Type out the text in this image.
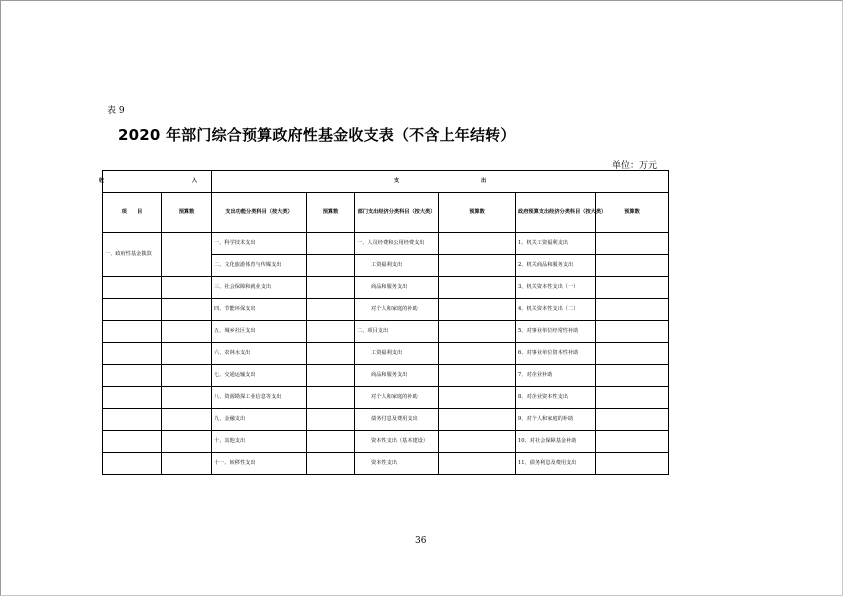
表 9
2020 年部门综合预算政府性基金收支表（不含上年结转）
单位：万元
收 入		支 出					
项　　目	预算数	支出功能分类科目（按大类）	预算数	部门支出经济分类科目（按大类）	预算数	政府预算支出经济分类科目（按大类）	预算数
一、政府性基金拨款		一、科学技术支出		一、人员经费和公用经费支出		1、机关工资福利支出	
		二、文化旅游体育与传媒支出		工资福利支出		2、机关商品和服务支出	
		三、社会保障和就业支出		商品和服务支出		3、机关资本性支出（一）	
		四、节能环保支出		对个人和家庭的补助		4、机关资本性支出（二）	
		五、城乡社区支出		二、项目支出		5、对事业单位经常性补助	
		六、农林水支出		工资福利支出		6、对事业单位资本性补助	
		七、交通运输支出		商品和服务支出		7、对企业补助	
		八、资源勘探工业信息等支出		对个人和家庭的补助		8、对企业资本性支出	
		九、金融支出		债务付息及费用支出		9、对个人和家庭的补助	
		十、其他支出		资本性支出（基本建设）		10、对社会保障基金补助	
		十一、转移性支出		资本性支出		11、债务利息及费用支出	
36
